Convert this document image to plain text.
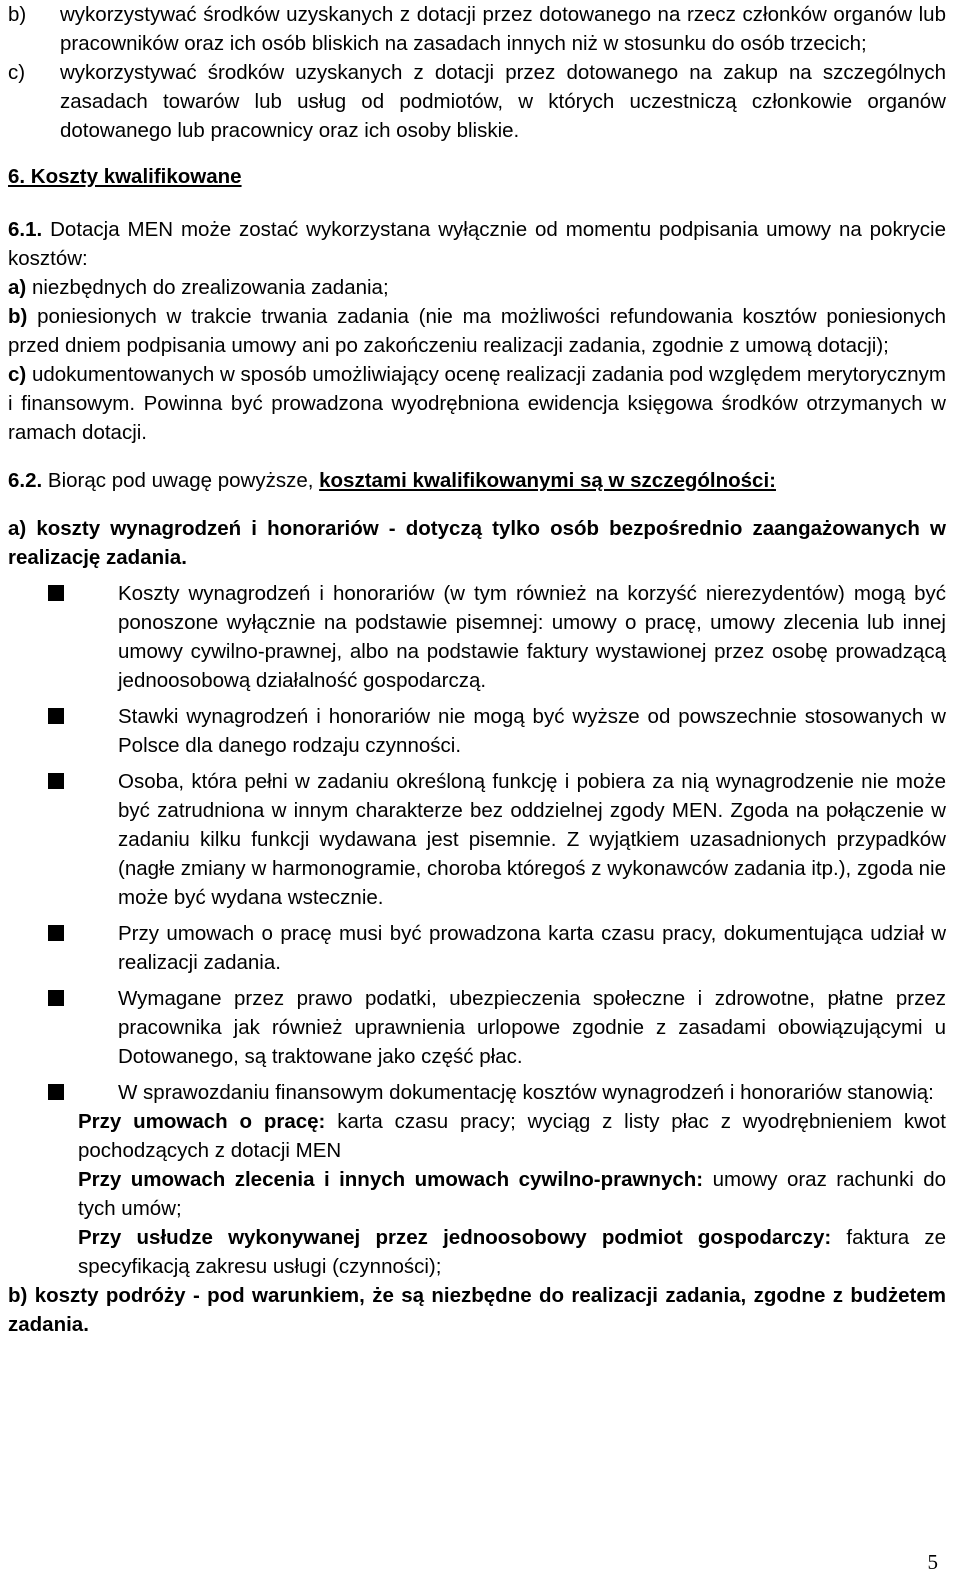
b)	wykorzystywać środków uzyskanych z dotacji przez dotowanego na rzecz członków organów lub pracowników oraz ich osób bliskich na zasadach innych niż w stosunku do osób trzecich;
c)	wykorzystywać środków uzyskanych z dotacji przez dotowanego na zakup na szczególnych zasadach towarów lub usług od podmiotów, w których uczestniczą członkowie organów dotowanego lub pracownicy oraz ich osoby bliskie.

6. Koszty kwalifikowane

6.1. Dotacja MEN może zostać wykorzystana wyłącznie od momentu podpisania umowy na pokrycie kosztów:

a) niezbędnych do zrealizowania zadania;

b) poniesionych w trakcie trwania zadania (nie ma możliwości refundowania kosztów poniesionych przed dniem podpisania umowy ani po zakończeniu realizacji zadania, zgodnie z umową dotacji);

c) udokumentowanych w sposób umożliwiający ocenę realizacji zadania pod względem merytorycznym i finansowym. Powinna być prowadzona wyodrębniona ewidencja księgowa środków otrzymanych w ramach dotacji.

6.2. Biorąc pod uwagę powyższe, kosztami kwalifikowanymi są w szczególności:

a) koszty wynagrodzeń i honorariów - dotyczą tylko osób bezpośrednio zaangażowanych w realizację zadania.

Koszty wynagrodzeń i honorariów (w tym również na korzyść nierezydentów) mogą być ponoszone wyłącznie na podstawie pisemnej: umowy o pracę, umowy zlecenia lub innej umowy cywilno-prawnej, albo na podstawie faktury wystawionej przez osobę prowadzącą jednoosobową działalność gospodarczą.
Stawki wynagrodzeń i honorariów nie mogą być wyższe od powszechnie stosowanych w Polsce dla danego rodzaju czynności.
Osoba, która pełni w zadaniu określoną funkcję i pobiera za nią wynagrodzenie nie może być zatrudniona w innym charakterze bez oddzielnej zgody MEN. Zgoda na połączenie w zadaniu kilku funkcji wydawana jest pisemnie. Z wyjątkiem uzasadnionych przypadków (nagłe zmiany w harmonogramie, choroba któregoś z wykonawców zadania itp.), zgoda nie może być wydana wstecznie.
Przy umowach o pracę musi być prowadzona karta czasu pracy, dokumentująca udział w realizacji zadania.
Wymagane przez prawo podatki, ubezpieczenia społeczne i zdrowotne, płatne przez pracownika jak również uprawnienia urlopowe zgodnie z zasadami obowiązującymi u Dotowanego, są traktowane jako część płac.
W sprawozdaniu finansowym dokumentację kosztów wynagrodzeń i honorariów stanowią:

Przy umowach o pracę: karta czasu pracy; wyciąg z listy płac z wyodrębnieniem kwot pochodzących z dotacji MEN

Przy umowach zlecenia i innych umowach cywilno-prawnych: umowy oraz rachunki do tych umów;

Przy usłudze wykonywanej przez jednoosobowy podmiot gospodarczy: faktura ze specyfikacją zakresu usługi (czynności);

b) koszty podróży - pod warunkiem, że są niezbędne do realizacji zadania, zgodne z budżetem zadania.

5
